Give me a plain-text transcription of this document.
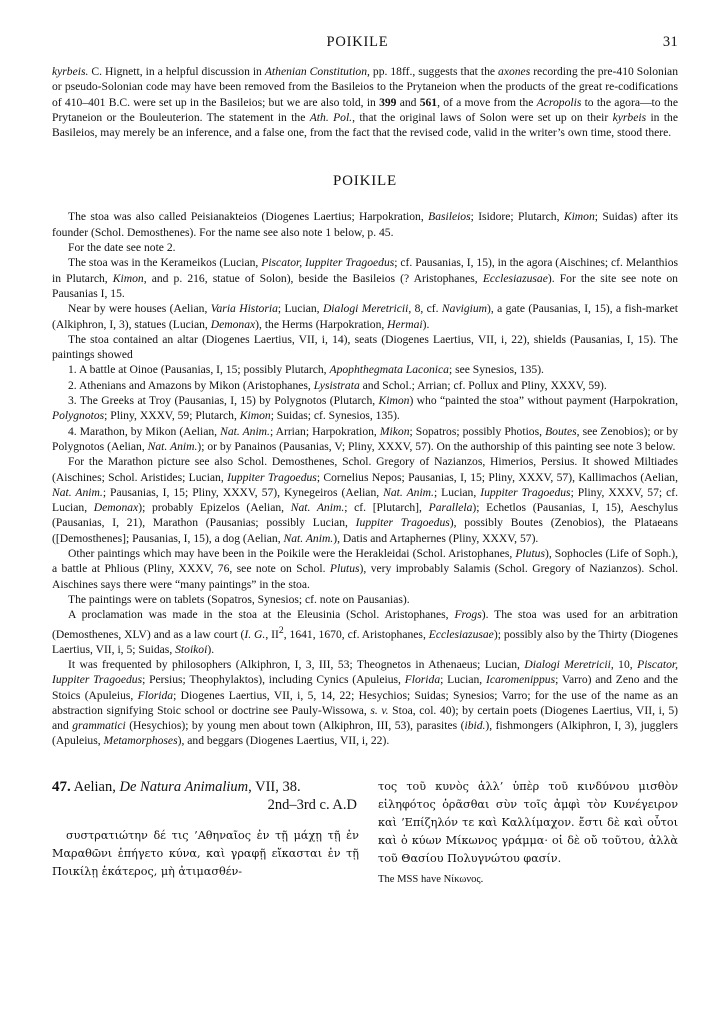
POIKILE	31

kyrbeis. C. Hignett, in a helpful discussion in Athenian Constitution, pp. 18ff., suggests that the axones recording the pre-410 Solonian or pseudo-Solonian code may have been removed from the Basileios to the Prytaneion when the products of the great re-codifications of 410–401 B.C. were set up in the Basileios; but we are also told, in 399 and 561, of a move from the Acropolis to the agora—to the Prytaneion or the Bouleuterion. The statement in the Ath. Pol., that the original laws of Solon were set up on their kyrbeis in the Basileios, may merely be an inference, and a false one, from the fact that the revised code, valid in the writer’s own time, stood there.

POIKILE

The stoa was also called Peisianakteios (Diogenes Laertius; Harpokration, Basileios; Isidore; Plutarch, Kimon; Suidas) after its founder (Schol. Demosthenes). For the name see also note 1 below, p. 45.

For the date see note 2.

The stoa was in the Kerameikos (Lucian, Piscator, Iuppiter Tragoedus; cf. Pausanias, I, 15), in the agora (Aischines; cf. Melanthios in Plutarch, Kimon, and p. 216, statue of Solon), beside the Basileios (? Aristophanes, Ecclesiazusae). For the site see note on Pausanias I, 15.

Near by were houses (Aelian, Varia Historia; Lucian, Dialogi Meretricii, 8, cf. Navigium), a gate (Pausanias, I, 15), a fish-market (Alkiphron, I, 3), statues (Lucian, Demonax), the Herms (Harpokration, Hermai).

The stoa contained an altar (Diogenes Laertius, VII, i, 14), seats (Diogenes Laertius, VII, i, 22), shields (Pausanias, I, 15). The paintings showed

1. A battle at Oinoe (Pausanias, I, 15; possibly Plutarch, Apophthegmata Laconica; see Synesios, 135).

2. Athenians and Amazons by Mikon (Aristophanes, Lysistrata and Schol.; Arrian; cf. Pollux and Pliny, XXXV, 59).

3. The Greeks at Troy (Pausanias, I, 15) by Polygnotos (Plutarch, Kimon) who “painted the stoa” without payment (Harpokration, Polygnotos; Pliny, XXXV, 59; Plutarch, Kimon; Suidas; cf. Synesios, 135).

4. Marathon, by Mikon (Aelian, Nat. Anim.; Arrian; Harpokration, Mikon; Sopatros; possibly Photios, Boutes, see Zenobios); or by Polygnotos (Aelian, Nat. Anim.); or by Panainos (Pausanias, V; Pliny, XXXV, 57). On the authorship of this painting see note 3 below.

For the Marathon picture see also Schol. Demosthenes, Schol. Gregory of Nazianzos, Himerios, Persius. It showed Miltiades (Aischines; Schol. Aristides; Lucian, Iuppiter Tragoedus; Cornelius Nepos; Pausanias, I, 15; Pliny, XXXV, 57), Kallimachos (Aelian, Nat. Anim.; Pausanias, I, 15; Pliny, XXXV, 57), Kynegeiros (Aelian, Nat. Anim.; Lucian, Iuppiter Tragoedus; Pliny, XXXV, 57; cf. Lucian, Demonax); probably Epizelos (Aelian, Nat. Anim.; cf. [Plutarch], Parallela); Echetlos (Pausanias, I, 15), Aeschylus (Pausanias, I, 21), Marathon (Pausanias; possibly Lucian, Iuppiter Tragoedus), possibly Boutes (Zenobios), the Plataeans ([Demosthenes]; Pausanias, I, 15), a dog (Aelian, Nat. Anim.), Datis and Artaphernes (Pliny, XXXV, 57).

Other paintings which may have been in the Poikile were the Herakleidai (Schol. Aristophanes, Plutus), Sophocles (Life of Soph.), a battle at Phlious (Pliny, XXXV, 76, see note on Schol. Plutus), very improbably Salamis (Schol. Gregory of Nazianzos). Schol. Aischines says there were “many paintings” in the stoa.

The paintings were on tablets (Sopatros, Synesios; cf. note on Pausanias).

A proclamation was made in the stoa at the Eleusinia (Schol. Aristophanes, Frogs). The stoa was used for an arbitration (Demosthenes, XLV) and as a law court (I. G., $II^2$, 1641, 1670, cf. Aristophanes, Ecclesiazusae); possibly also by the Thirty (Diogenes Laertius, VII, i, 5; Suidas, Stoikoi).

It was frequented by philosophers (Alkiphron, I, 3, III, 53; Theognetos in Athenaeus; Lucian, Dialogi Meretricii, 10, Piscator, Iuppiter Tragoedus; Persius; Theophylaktos), including Cynics (Apuleius, Florida; Lucian, Icaromenippus; Varro) and Zeno and the Stoics (Apuleius, Florida; Diogenes Laertius, VII, i, 5, 14, 22; Hesychios; Suidas; Synesios; Varro; for the use of the name as an abstraction signifying Stoic school or doctrine see Pauly-Wissowa, s. v. Stoa, col. 40); by certain poets (Diogenes Laertius, VII, i, 5) and grammatici (Hesychios); by young men about town (Alkiphron, III, 53), parasites (ibid.), fishmongers (Alkiphron, I, 3), jugglers (Apuleius, Metamorphoses), and beggars (Diogenes Laertius, VII, i, 22).

47. Aelian, De Natura Animalium, VII, 38.
2nd–3rd c. A.D
συστρατιώτην δέ τις ’Αθηναῖος ἐν τῇ μάχῃ τῇ ἐν Μαραθῶνι ἐπήγετο κύνα, καὶ γραφῇ εἴκασται ἐν τῇ Ποικίλῃ ἑκάτερος, μὴ ἀτιμασθέν-
τος τοῦ κυνὸς ἀλλ’ ὑπὲρ τοῦ κινδύνου μισθὸν εἰληφότος ὁρᾶσθαι σὺν τοῖς ἀμφὶ τὸν Κυνέγειρον καὶ ’Επίζηλόν τε καὶ Καλλίμαχον. ἔστι δὲ καὶ οὗτοι καὶ ὁ κύων Μίκωνος γράμμα· οἱ δὲ οὔ τοῦτου, ἀλλὰ τοῦ Θασίου Πολυγνώτου φασίν.
The MSS have Νίκωνος.
